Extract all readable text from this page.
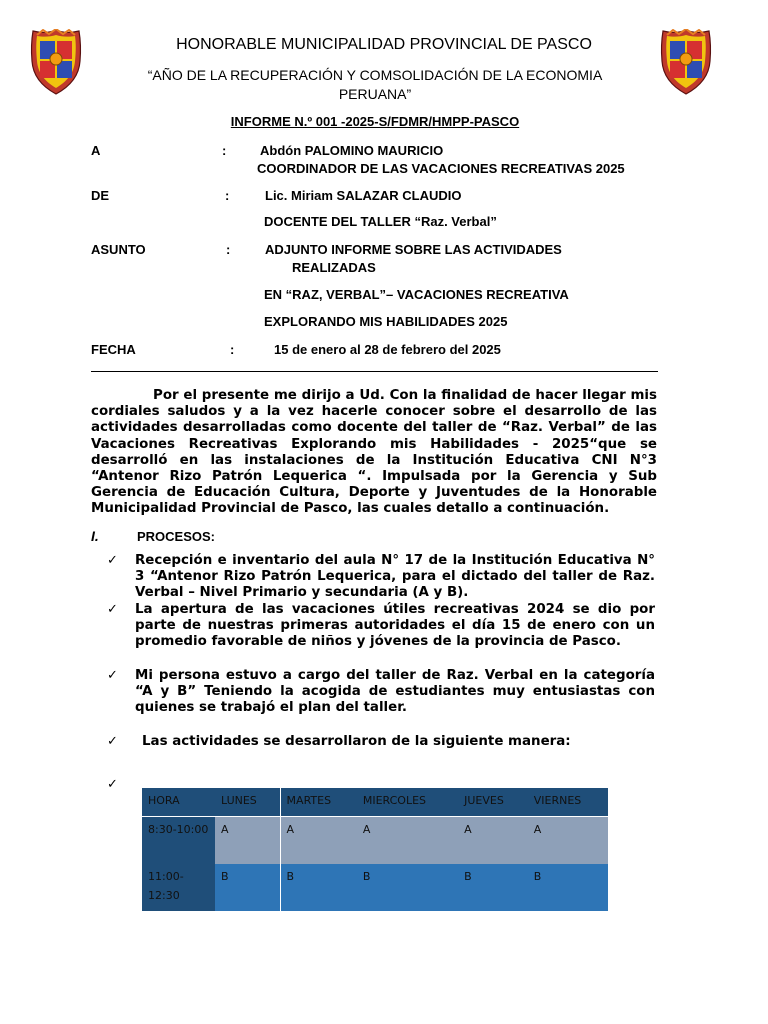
HONORABLE MUNICIPALIDAD PROVINCIAL DE PASCO
“AÑO DE LA RECUPERACIÓN Y COMSOLIDACIÓN DE LA ECONOMIA PERUANA”
INFORME N.º 001 -2025-S/FDMR/HMPP-PASCO
A	:	Abdón PALOMINO MAURICIO
COORDINADOR DE LAS VACACIONES RECREATIVAS 2025
DE	:	Lic. Miriam SALAZAR CLAUDIO
DOCENTE DEL TALLER “Raz. Verbal”
ASUNTO	:	ADJUNTO INFORME SOBRE LAS ACTIVIDADES
REALIZADAS
EN “RAZ, VERBAL”– VACACIONES RECREATIVA
EXPLORANDO MIS HABILIDADES 2025
FECHA	:	15 de enero al 28 de febrero del 2025
Por el presente me dirijo a Ud. Con la finalidad de hacer llegar mis cordiales saludos y a la vez hacerle conocer sobre el desarrollo de las actividades desarrolladas como docente del taller de “Raz. Verbal” de las Vacaciones Recreativas Explorando mis Habilidades - 2025“que se desarrolló en las instalaciones de la Institución Educativa CNI N°3 “Antenor Rizo Patrón Lequerica “. Impulsada por la Gerencia y Sub Gerencia de Educación Cultura, Deporte y Juventudes de la Honorable Municipalidad Provincial de Pasco, las cuales detallo a continuación.
I.	PROCESOS:
✓ Recepción e inventario del aula N° 17 de la Institución Educativa N° 3 “Antenor Rizo Patrón Lequerica, para el dictado del taller de Raz. Verbal – Nivel Primario y secundaria (A y B).
✓ La apertura de las vacaciones útiles recreativas 2024 se dio por parte de nuestras primeras autoridades el día 15 de enero con un promedio favorable de niños y jóvenes de la provincia de Pasco.
✓ Mi persona estuvo a cargo del taller de Raz. Verbal en la categoría “A y B” Teniendo la acogida de estudiantes muy entusiastas con quienes se trabajó el plan del taller.
✓ Las actividades se desarrollaron de la siguiente manera:
✓
HORA	LUNES	MARTES	MIERCOLES	JUEVES	VIERNES
8:30-10:00	A	A	A	A	A
11:00-12:30	B	B	B	B	B
